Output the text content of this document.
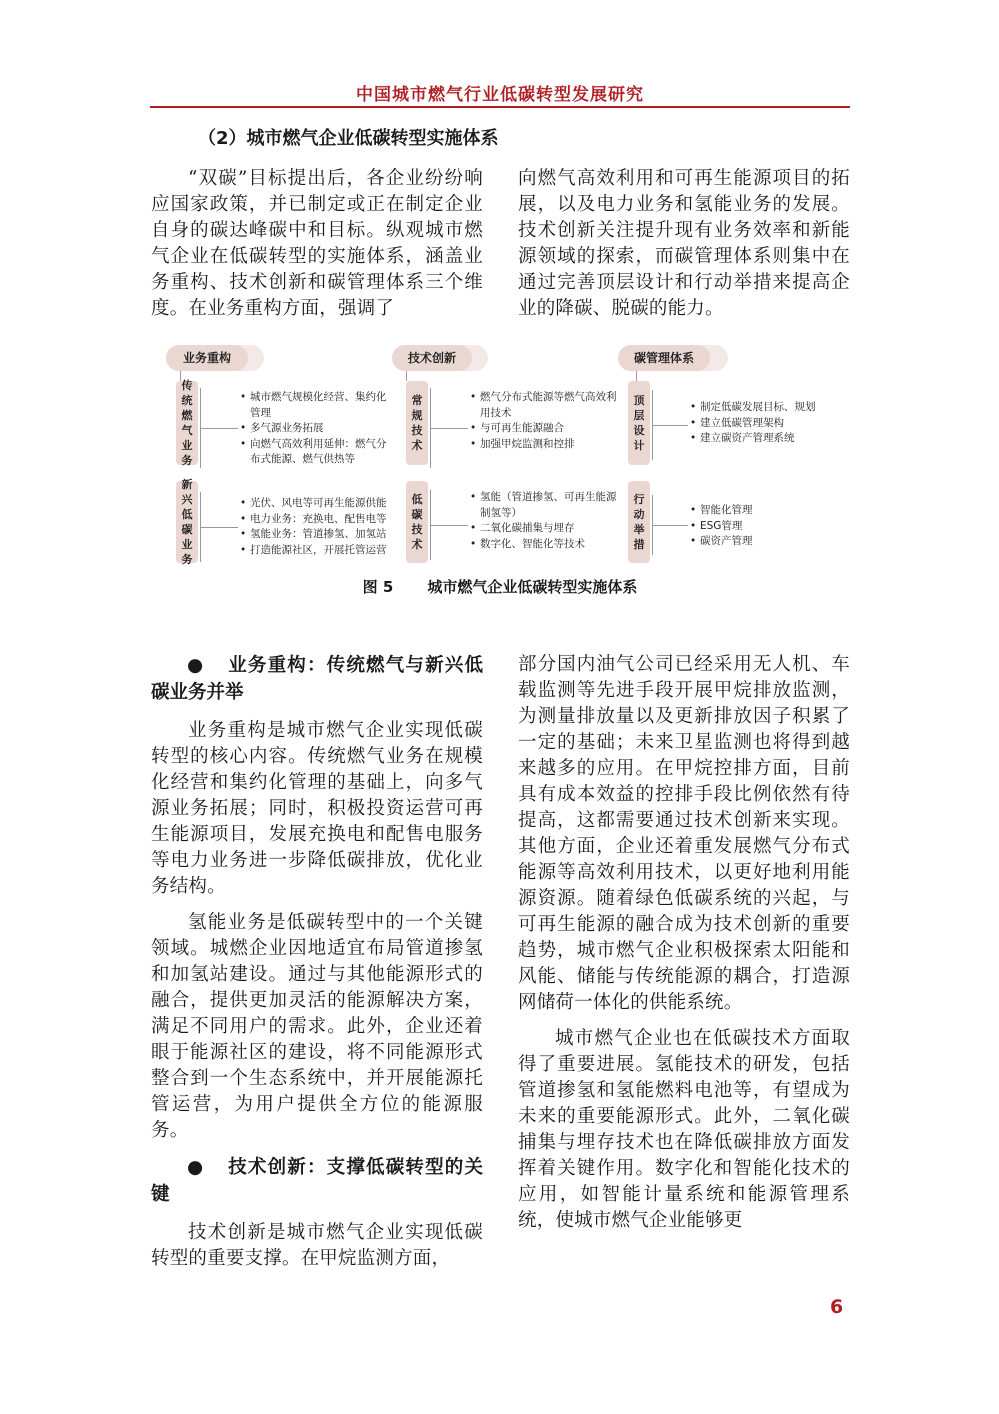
中国城市燃气行业低碳转型发展研究
（2）城市燃气企业低碳转型实施体系

“双碳”目标提出后，各企业纷纷响应国家政策，并已制定或正在制定企业自身的碳达峰碳中和目标。纵观城市燃气企业在低碳转型的实施体系，涵盖业务重构、技术创新和碳管理体系三个维度。在业务重构方面，强调了

向燃气高效利用和可再生能源项目的拓展，以及电力业务和氢能业务的发展。技术创新关注提升现有业务效率和新能源领域的探索，而碳管理体系则集中在通过完善顶层设计和行动举措来提高企业的降碳、脱碳的能力。

业务重构
传统燃气业务
• 城市燃气规模化经营、集约化管理
• 多气源业务拓展
• 向燃气高效利用延伸：燃气分布式能源、燃气供热等
新兴低碳业务
• 光伏、风电等可再生能源供能
• 电力业务：充换电、配售电等
• 氢能业务：管道掺氢、加氢站
• 打造能源社区，开展托管运营
技术创新
常规技术
• 燃气分布式能源等燃气高效利用技术
• 与可再生能源融合
• 加强甲烷监测和控排
低碳技术
• 氢能（管道掺氢、可再生能源制氢等）
• 二氧化碳捕集与埋存
• 数字化、智能化等技术
碳管理体系
顶层设计
• 制定低碳发展目标、规划
• 建立低碳管理架构
• 建立碳资产管理系统
行动举措
• 智能化管理
• ESG管理
• 碳资产管理
图 5 城市燃气企业低碳转型实施体系

● 业务重构：传统燃气与新兴低碳业务并举

业务重构是城市燃气企业实现低碳转型的核心内容。传统燃气业务在规模化经营和集约化管理的基础上，向多气源业务拓展；同时，积极投资运营可再生能源项目，发展充换电和配售电服务等电力业务进一步降低碳排放，优化业务结构。

氢能业务是低碳转型中的一个关键领域。城燃企业因地适宜布局管道掺氢和加氢站建设。通过与其他能源形式的融合，提供更加灵活的能源解决方案，满足不同用户的需求。此外，企业还着眼于能源社区的建设，将不同能源形式整合到一个生态系统中，并开展能源托管运营，为用户提供全方位的能源服务。

● 技术创新：支撑低碳转型的关键

技术创新是城市燃气企业实现低碳转型的重要支撑。在甲烷监测方面，

部分国内油气公司已经采用无人机、车载监测等先进手段开展甲烷排放监测，为测量排放量以及更新排放因子积累了一定的基础；未来卫星监测也将得到越来越多的应用。在甲烷控排方面，目前具有成本效益的控排手段比例依然有待提高，这都需要通过技术创新来实现。其他方面，企业还着重发展燃气分布式能源等高效利用技术，以更好地利用能源资源。随着绿色低碳系统的兴起，与可再生能源的融合成为技术创新的重要趋势，城市燃气企业积极探索太阳能和风能、储能与传统能源的耦合，打造源网储荷一体化的供能系统。

城市燃气企业也在低碳技术方面取得了重要进展。氢能技术的研发，包括管道掺氢和氢能燃料电池等，有望成为未来的重要能源形式。此外，二氧化碳捕集与埋存技术也在降低碳排放方面发挥着关键作用。数字化和智能化技术的应用，如智能计量系统和能源管理系统，使城市燃气企业能够更

6
